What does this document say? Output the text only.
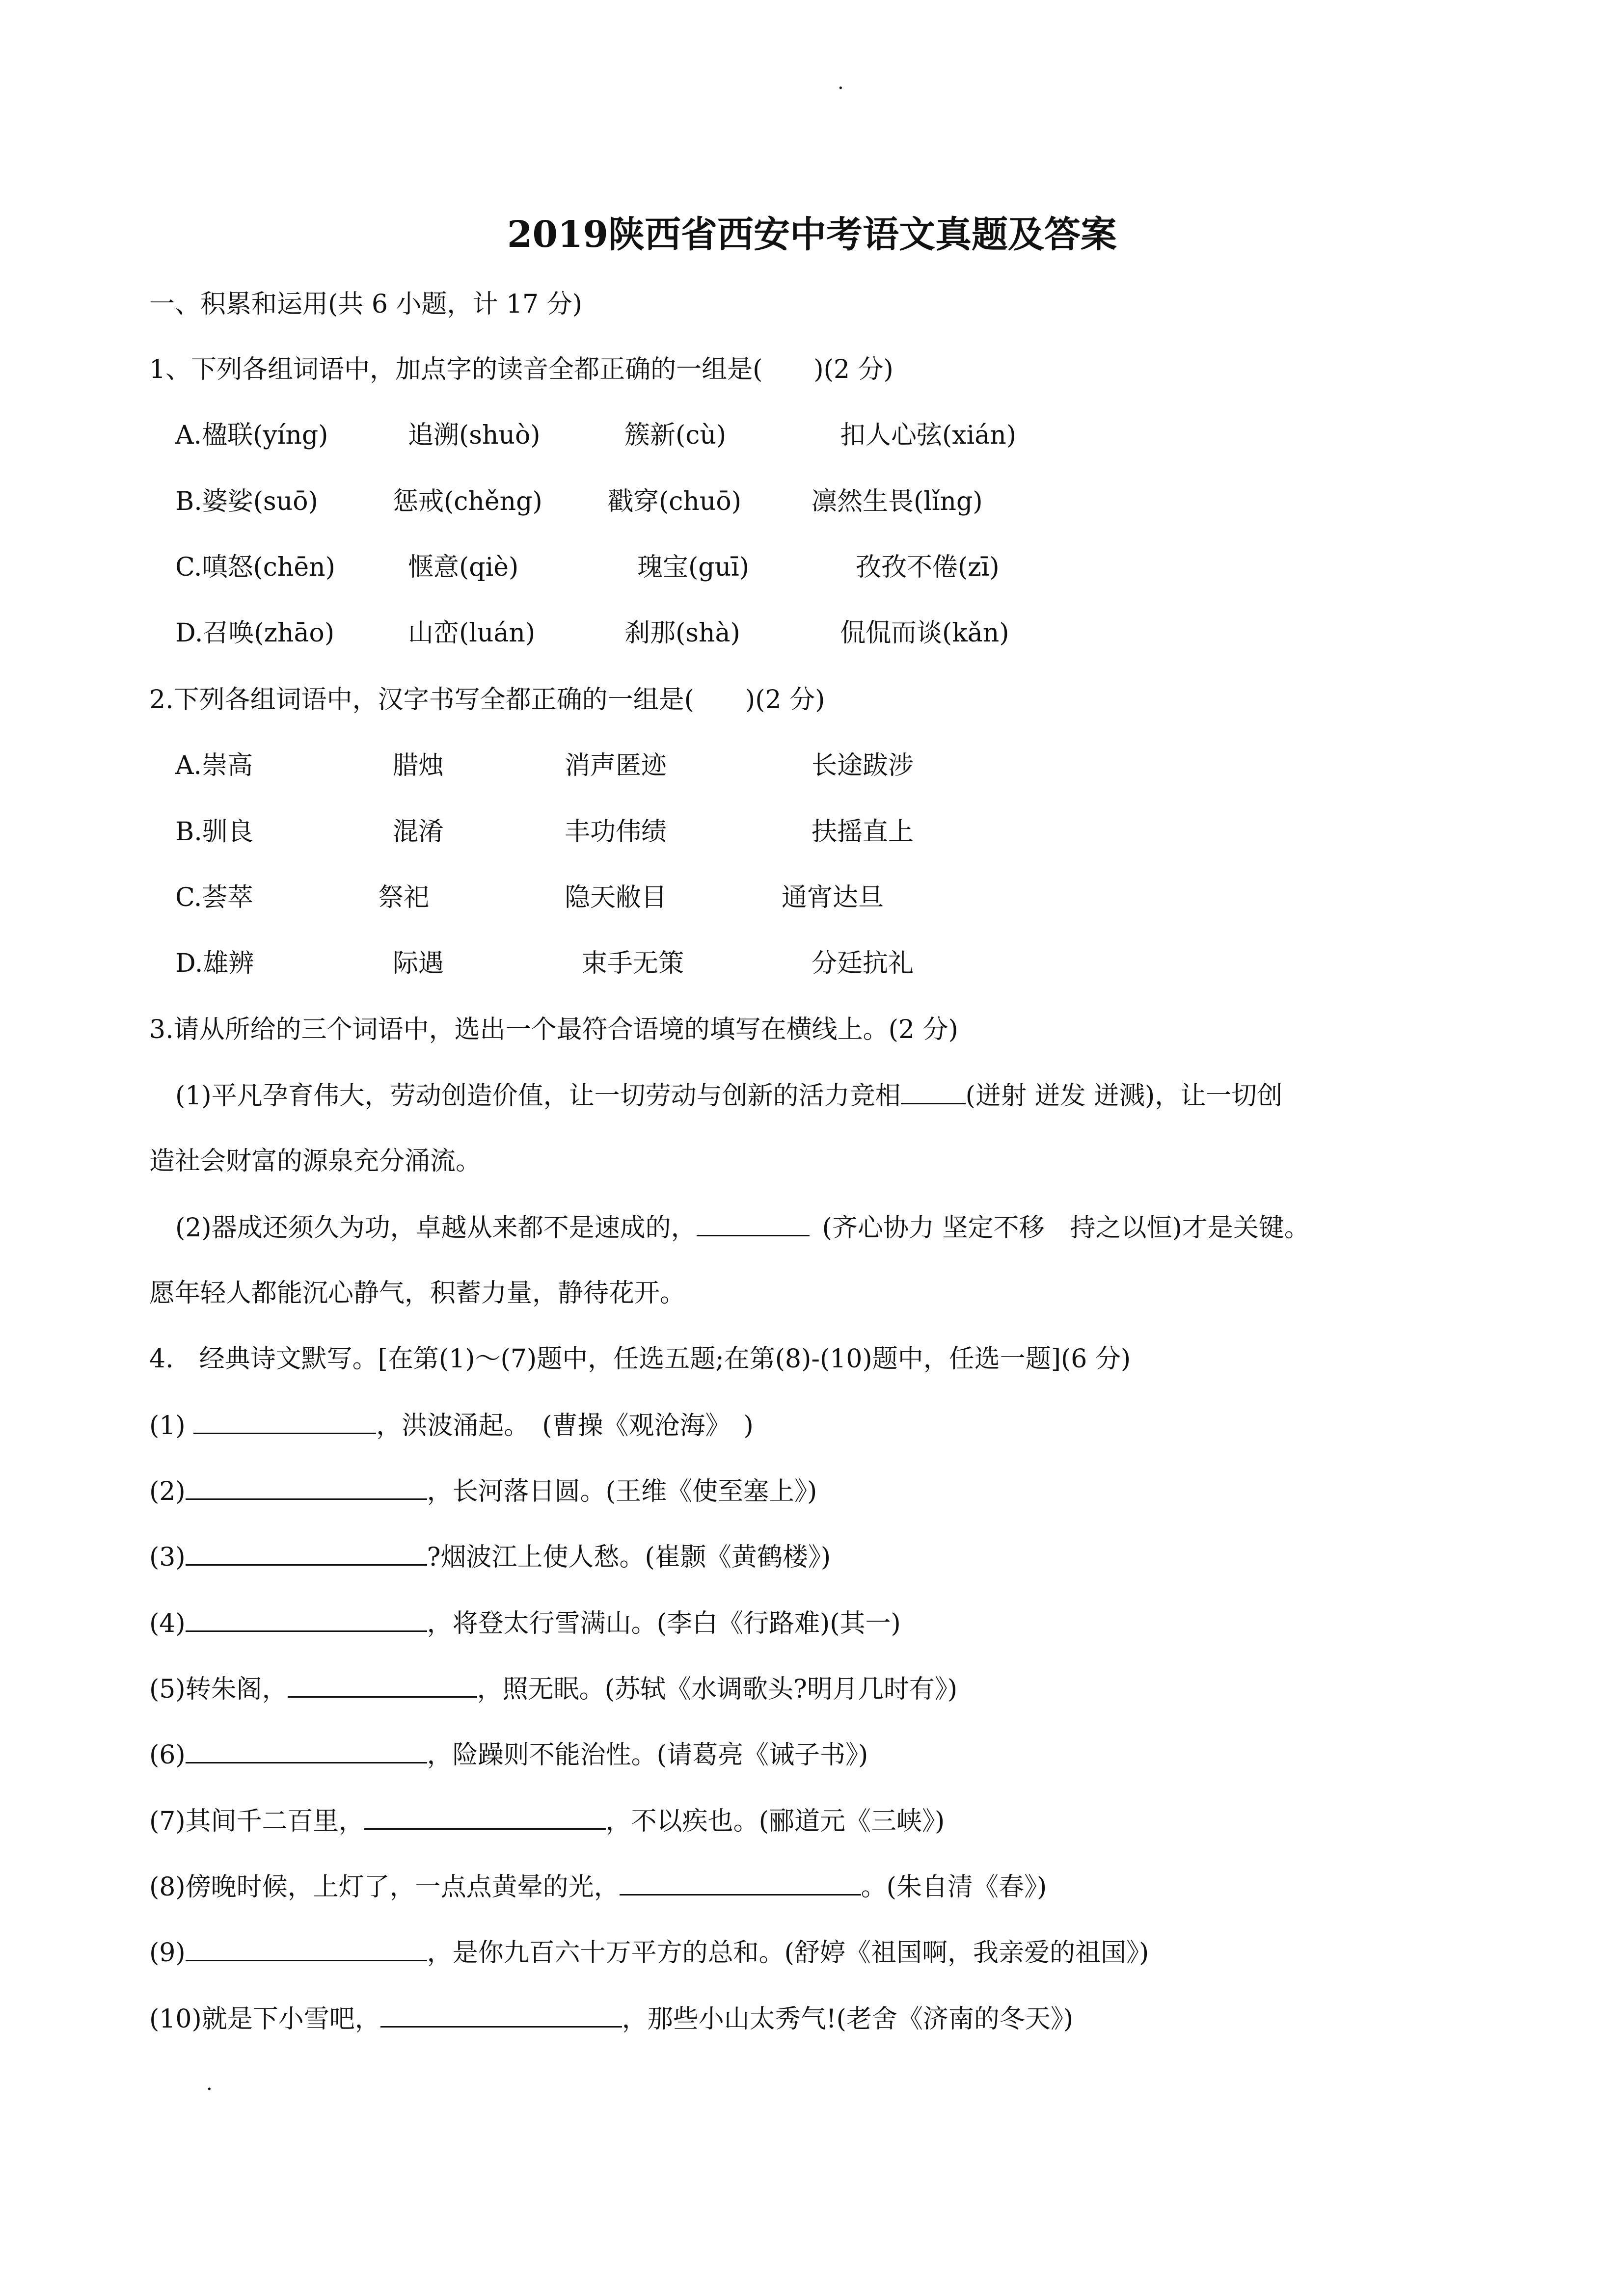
.
2019陕西省西安中考语文真题及答案
一、积累和运用(共 6 小题，计 17 分)
1、下列各组词语中，加点字的读音全都正确的一组是(　　)(2 分)
A.楹联(yíng)	追溯(shuò)	簇新(cù)	扣人心弦(xián)
B.婆娑(suō)	惩戒(chěng)	戳穿(chuō)	凛然生畏(lǐng)
C.嗔怒(chēn)	惬意(qiè)	瑰宝(guī)	孜孜不倦(zī)
D.召唤(zhāo)	山峦(luán)	刹那(shà)	侃侃而谈(kǎn)
2.下列各组词语中，汉字书写全都正确的一组是(　　)(2 分)
A.崇高	腊烛	消声匿迹	长途跋涉
B.驯良	混淆	丰功伟绩	扶摇直上
C.荟萃	祭祀	隐天敝目	通宵达旦
D.雄辨	际遇	束手无策	分廷抗礼
3.请从所给的三个词语中，选出一个最符合语境的填写在横线上。(2 分)
(1)平凡孕育伟大，劳动创造价值，让一切劳动与创新的活力竞相	(迸射 迸发 迸溅)，让一切创
造社会财富的源泉充分涌流。
(2)器成还须久为功，卓越从来都不是速成的，	(齐心协力 坚定不移　持之以恒)才是关键。
愿年轻人都能沉心静气，积蓄力量，静待花开。
4.　经典诗文默写。[在第(1)～(7)题中，任选五题;在第(8)-(10)题中，任选一题](6 分)
(1)	，洪波涌起。　(曹操《观沧海》　)
(2)	，长河落日圆。(王维《使至塞上》)
(3)	?烟波江上使人愁。(崔颢《黄鹤楼》)
(4)	，将登太行雪满山。(李白《行路难)(其一)
(5)转朱阁，	，照无眠。(苏轼《水调歌头?明月几时有》)
(6)	，险躁则不能治性。(请葛亮《诫子书》)
(7)其间千二百里，	，不以疾也。(郦道元《三峡》)
(8)傍晚时候，上灯了，一点点黄晕的光，	。(朱自清《春》)
(9)	，是你九百六十万平方的总和。(舒婷《祖国啊，我亲爱的祖国》)
(10)就是下小雪吧，	，那些小山太秀气!(老舍《济南的冬天》)
.
